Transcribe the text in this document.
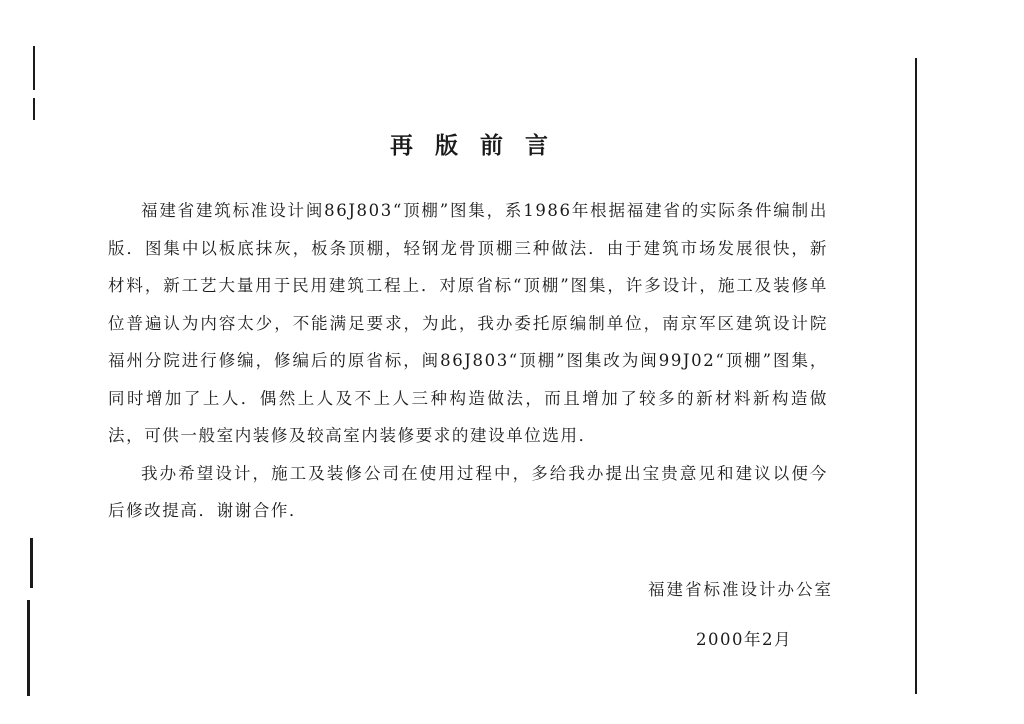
再版前言

福建省建筑标准设计闽86J803“顶棚”图集，系1986年根据福建省的实际条件编制出版．图集中以板底抹灰，板条顶棚，轻钢龙骨顶棚三种做法．由于建筑市场发展很快，新材料，新工艺大量用于民用建筑工程上．对原省标“顶棚”图集，许多设计，施工及装修单位普遍认为内容太少，不能满足要求，为此，我办委托原编制单位，南京军区建筑设计院福州分院进行修编，修编后的原省标，闽86J803“顶棚”图集改为闽99J02“顶棚”图集，同时增加了上人．偶然上人及不上人三种构造做法，而且增加了较多的新材料新构造做法，可供一般室内装修及较高室内装修要求的建设单位选用．

我办希望设计，施工及装修公司在使用过程中，多给我办提出宝贵意见和建议以便今后修改提高．谢谢合作．

福建省标准设计办公室
2000年2月
